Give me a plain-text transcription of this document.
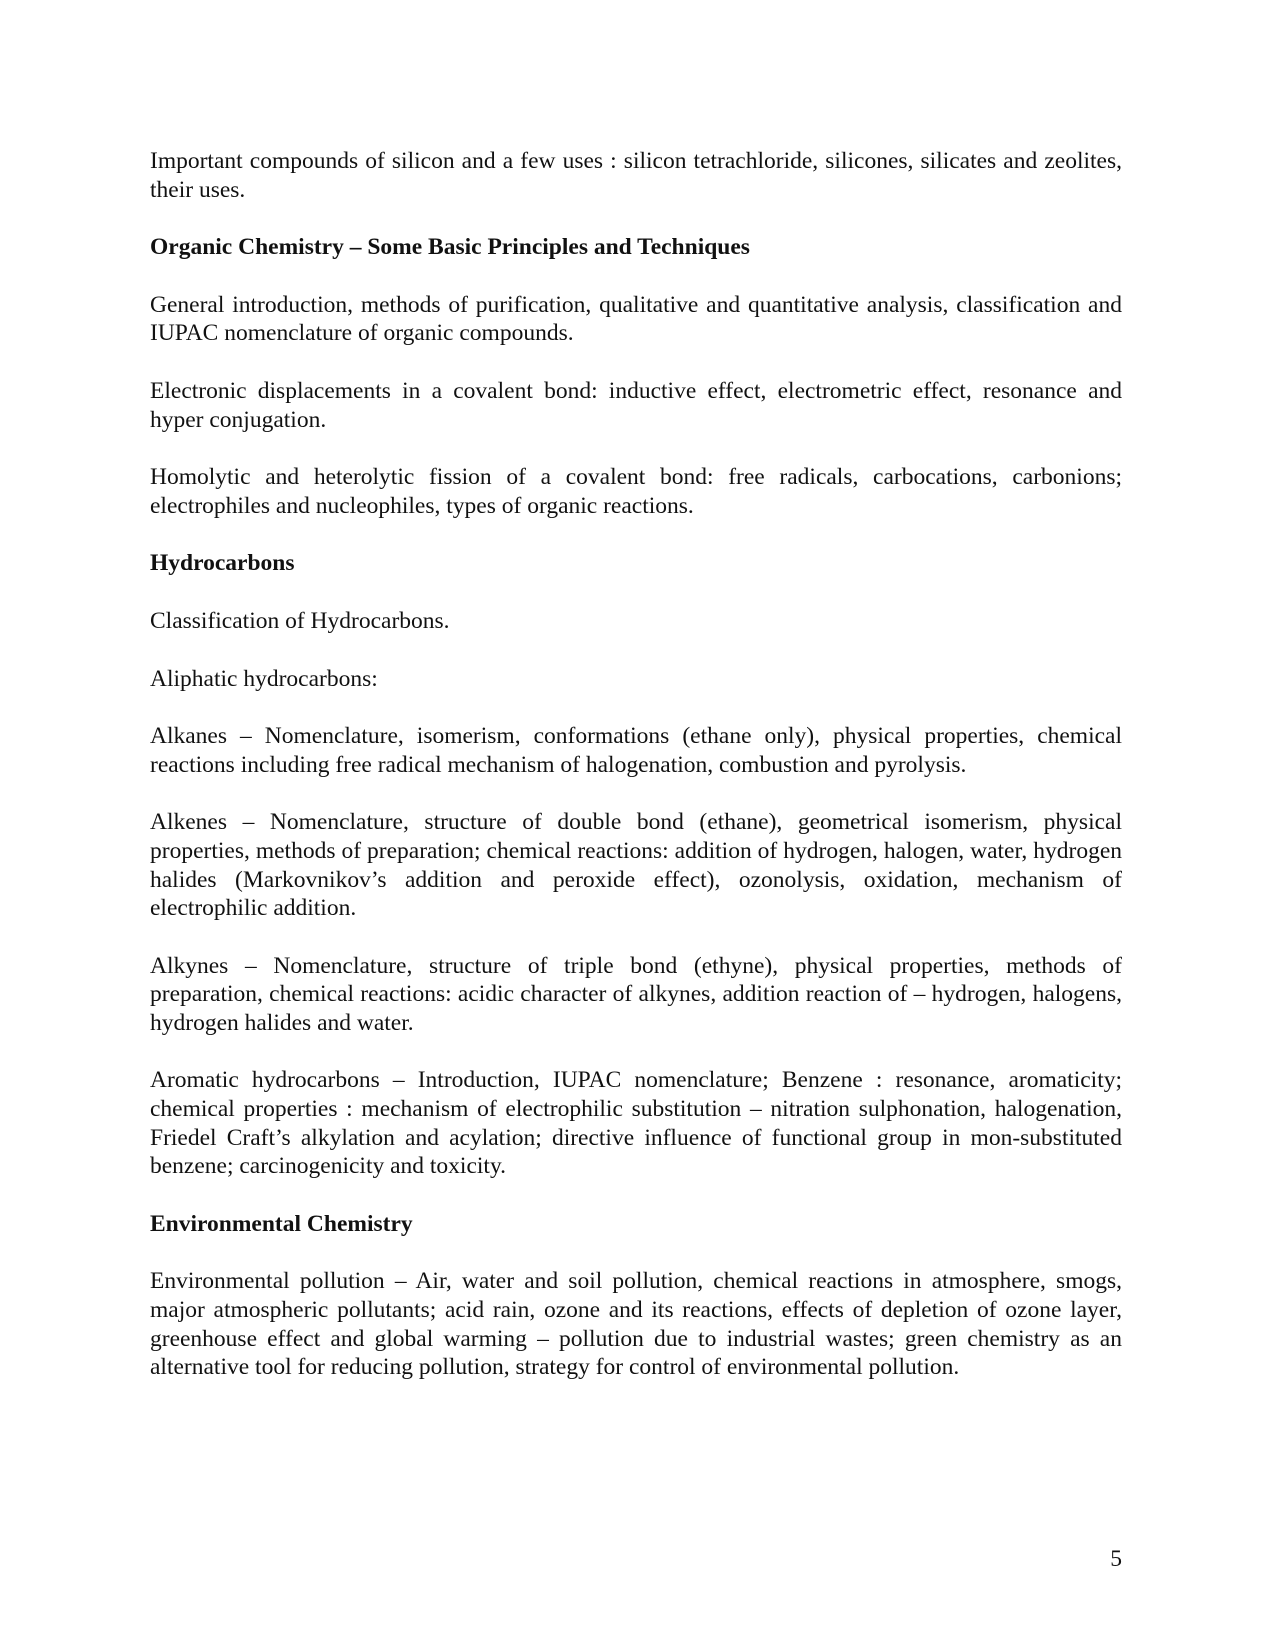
Important compounds of silicon and a few uses : silicon tetrachloride, silicones, silicates and zeolites, their uses.

Organic Chemistry – Some Basic Principles and Techniques

General introduction, methods of purification, qualitative and quantitative analysis, classification and IUPAC nomenclature of organic compounds.

Electronic displacements in a covalent bond: inductive effect, electrometric effect, resonance and hyper conjugation.

Homolytic and heterolytic fission of a covalent bond: free radicals, carbocations, carbonions; electrophiles and nucleophiles, types of organic reactions.

Hydrocarbons

Classification of Hydrocarbons.

Aliphatic hydrocarbons:

Alkanes – Nomenclature, isomerism, conformations (ethane only), physical properties, chemical reactions including free radical mechanism of halogenation, combustion and pyrolysis.

Alkenes – Nomenclature, structure of double bond (ethane), geometrical isomerism, physical properties, methods of preparation; chemical reactions: addition of hydrogen, halogen, water, hydrogen halides (Markovnikov’s addition and peroxide effect), ozonolysis, oxidation, mechanism of electrophilic addition.

Alkynes – Nomenclature, structure of triple bond (ethyne), physical properties, methods of preparation, chemical reactions: acidic character of alkynes, addition reaction of – hydrogen, halogens, hydrogen halides and water.

Aromatic hydrocarbons – Introduction, IUPAC nomenclature; Benzene : resonance, aromaticity; chemical properties : mechanism of electrophilic substitution – nitration sulphonation, halogenation, Friedel Craft’s alkylation and acylation; directive influence of functional group in mon-substituted benzene; carcinogenicity and toxicity.

Environmental Chemistry

Environmental pollution – Air, water and soil pollution, chemical reactions in atmosphere, smogs, major atmospheric pollutants; acid rain, ozone and its reactions, effects of depletion of ozone layer, greenhouse effect and global warming – pollution due to industrial wastes; green chemistry as an alternative tool for reducing pollution, strategy for control of environmental pollution.

5
